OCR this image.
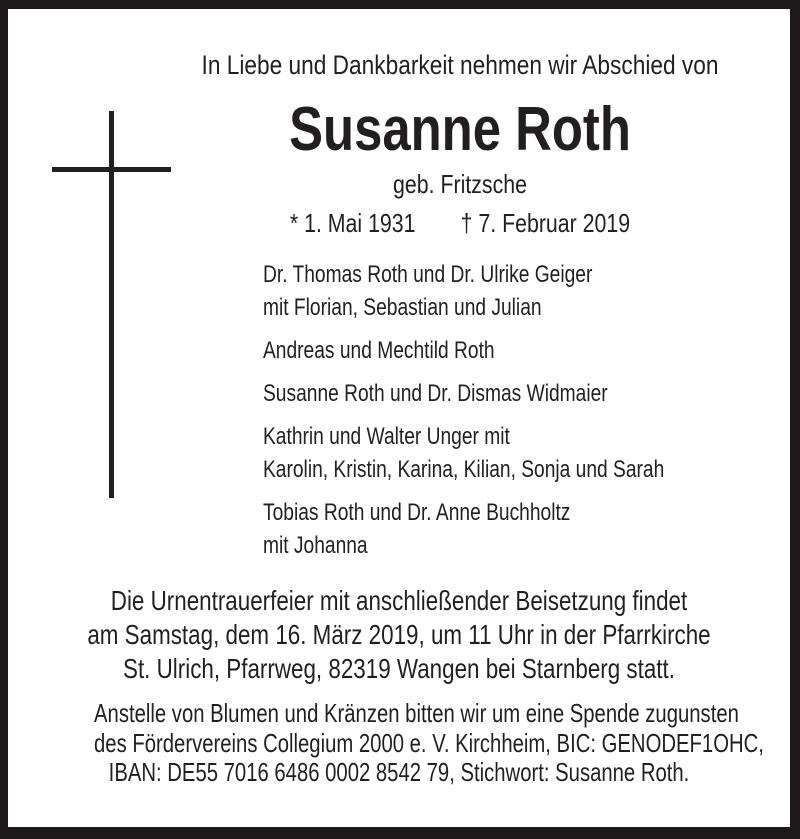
In Liebe und Dankbarkeit nehmen wir Abschied von
Susanne Roth
geb. Fritzsche
* 1. Mai 1931 † 7. Februar 2019
Dr. Thomas Roth und Dr. Ulrike Geiger
mit Florian, Sebastian und Julian
Andreas und Mechtild Roth
Susanne Roth und Dr. Dismas Widmaier
Kathrin und Walter Unger mit
Karolin, Kristin, Karina, Kilian, Sonja und Sarah
Tobias Roth und Dr. Anne Buchholtz
mit Johanna
Die Urnentrauerfeier mit anschließender Beisetzung findet
am Samstag, dem 16. März 2019, um 11 Uhr in der Pfarrkirche
St. Ulrich, Pfarrweg, 82319 Wangen bei Starnberg statt.
Anstelle von Blumen und Kränzen bitten wir um eine Spende zugunsten
des Fördervereins Collegium 2000 e. V. Kirchheim, BIC: GENODEF1OHC,
IBAN: DE55 7016 6486 0002 8542 79, Stichwort: Susanne Roth.
